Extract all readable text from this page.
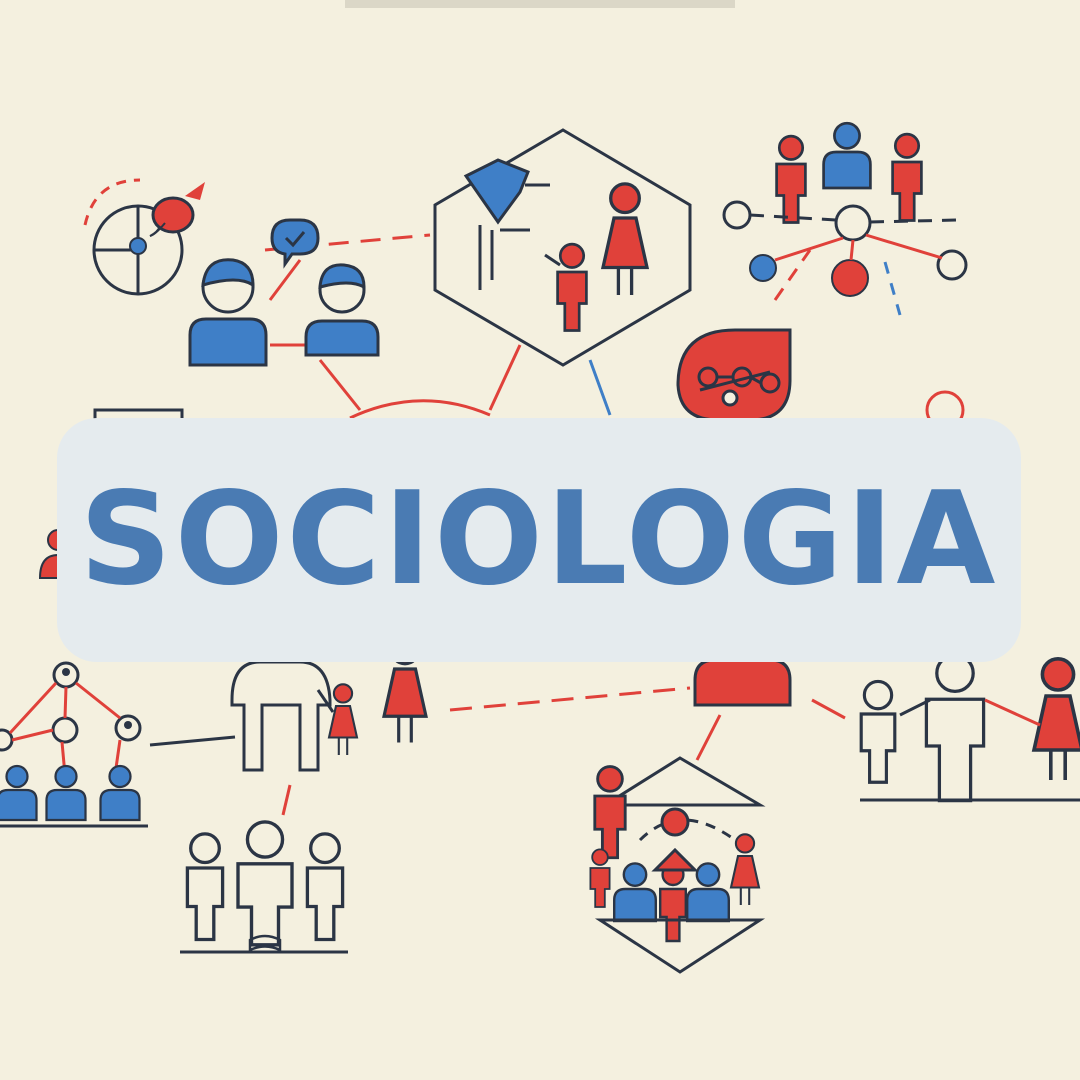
SOCIOLOGIA
